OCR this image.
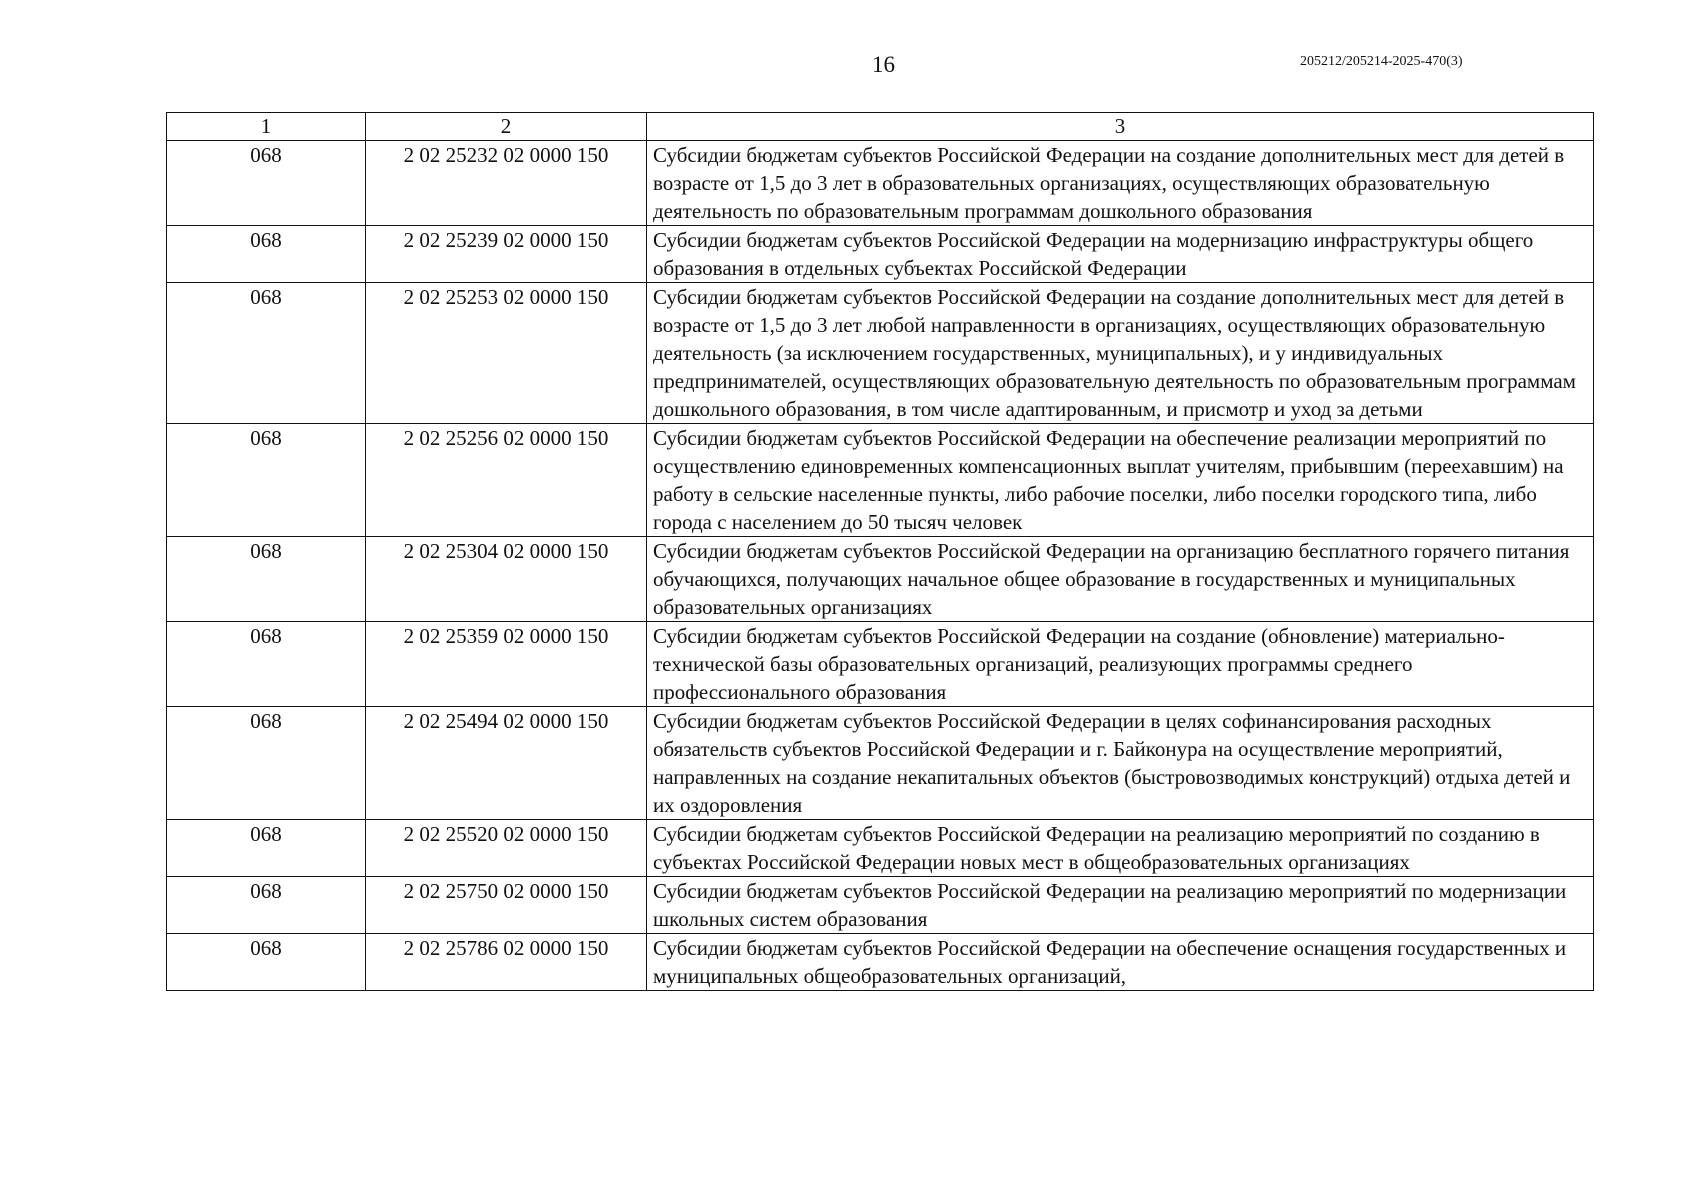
16	205212/205214-2025-470(3)
1	2	3
068	2 02 25232 02 0000 150	Субсидии бюджетам субъектов Российской Федерации на создание дополнительных мест для детей в возрасте от 1,5 до 3 лет в образовательных организациях, осуществляющих образовательную деятельность по образовательным программам дошкольного образования
068	2 02 25239 02 0000 150	Субсидии бюджетам субъектов Российской Федерации на модернизацию инфраструктуры общего образования в отдельных субъектах Российской Федерации
068	2 02 25253 02 0000 150	Субсидии бюджетам субъектов Российской Федерации на создание дополнительных мест для детей в возрасте от 1,5 до 3 лет любой направленности в организациях, осуществляющих образовательную деятельность (за исключением государственных, муниципальных), и у индивидуальных предпринимателей, осуществляющих образовательную деятельность по образовательным программам дошкольного образования, в том числе адаптированным, и присмотр и уход за детьми
068	2 02 25256 02 0000 150	Субсидии бюджетам субъектов Российской Федерации на обеспечение реализации мероприятий по осуществлению единовременных компенсационных выплат учителям, прибывшим (переехавшим) на работу в сельские населенные пункты, либо рабочие поселки, либо поселки городского типа, либо города с населением до 50 тысяч человек
068	2 02 25304 02 0000 150	Субсидии бюджетам субъектов Российской Федерации на организацию бесплатного горячего питания обучающихся, получающих начальное общее образование в государственных и муниципальных образовательных организациях
068	2 02 25359 02 0000 150	Субсидии бюджетам субъектов Российской Федерации на создание (обновление) материально-технической базы образовательных организаций, реализующих программы среднего профессионального образования
068	2 02 25494 02 0000 150	Субсидии бюджетам субъектов Российской Федерации в целях софинансирования расходных обязательств субъектов Российской Федерации и г. Байконура на осуществление мероприятий, направленных на создание некапитальных объектов (быстровозводимых конструкций) отдыха детей и их оздоровления
068	2 02 25520 02 0000 150	Субсидии бюджетам субъектов Российской Федерации на реализацию мероприятий по созданию в субъектах Российской Федерации новых мест в общеобразовательных организациях
068	2 02 25750 02 0000 150	Субсидии бюджетам субъектов Российской Федерации на реализацию мероприятий по модернизации школьных систем образования
068	2 02 25786 02 0000 150	Субсидии бюджетам субъектов Российской Федерации на обеспечение оснащения государственных и муниципальных общеобразовательных организаций,
